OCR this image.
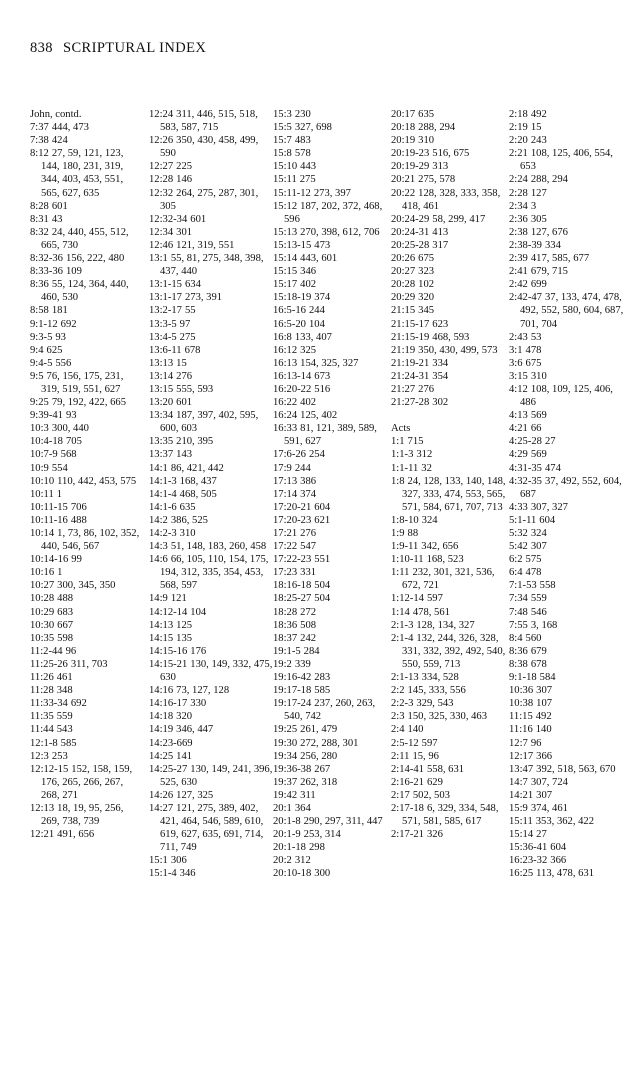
838 SCRIPTURAL INDEX
John, contd.
7:37 444, 473
7:38 424
8:12 27, 59, 121, 123, 144, 180, 231, 319, 344, 403, 453, 551, 565, 627, 635
8:28 601
8:31 43
8:32 24, 440, 455, 512, 665, 730
8:32-36 156, 222, 480
8:33-36 109
8:36 55, 124, 364, 440, 460, 530
8:58 181
9:1-12 692
9:3-5 93
9:4 625
9:4-5 556
9:5 76, 156, 175, 231, 319, 519, 551, 627
9:25 79, 192, 422, 665
9:39-41 93
10:3 300, 440
10:4-18 705
10:7-9 568
10:9 554
10:10 110, 442, 453, 575
10:11 1
10:11-15 706
10:11-16 488
10:14 1, 73, 86, 102, 352, 440, 546, 567
10:14-16 99
10:16 1
10:27 300, 345, 350
10:28 488
10:29 683
10:30 667
10:35 598
11:2-44 96
11:25-26 311, 703
11:26 461
11:28 348
11:33-34 692
11:35 559
11:44 543
12:1-8 585
12:3 253
12:12-15 152, 158, 159, 176, 265, 266, 267, 268, 271
12:13 18, 19, 95, 256, 269, 738, 739
12:21 491, 656
12:24 311, 446, 515, 518, 583, 587, 715
12:26 350, 430, 458, 499, 590
12:27 225
12:28 146
12:32 264, 275, 287, 301, 305
12:32-34 601
12:34 301
12:46 121, 319, 551
13:1 55, 81, 275, 348, 398, 437, 440
13:1-15 634
13:1-17 273, 391
13:2-17 55
13:3-5 97
13:4-5 275
13:6-11 678
13:13 15
13:14 276
13:15 555, 593
13:20 601
13:34 187, 397, 402, 595, 600, 603
13:35 210, 395
13:37 143
14:1 86, 421, 442
14:1-3 168, 437
14:1-4 468, 505
14:1-6 635
14:2 386, 525
14:2-3 310
14:3 51, 148, 183, 260, 458
14:6 66, 105, 110, 154, 175, 194, 312, 335, 354, 453, 568, 597
14:9 121
14:12-14 104
14:13 125
14:15 135
14:15-16 176
14:15-21 130, 149, 332, 475, 630
14:16 73, 127, 128
14:16-17 330
14:18 320
14:19 346, 447
14:23-669
14:25 141
14:25-27 130, 149, 241, 396, 525, 630
14:26 127, 325
14:27 121, 275, 389, 402, 421, 464, 546, 589, 610, 619, 627, 635, 691, 714, 711, 749
15:1 306
15:1-4 346
15:3 230
15:5 327, 698
15:7 483
15:8 578
15:10 443
15:11 275
15:11-12 273, 397
15:12 187, 202, 372, 468, 596
15:13 270, 398, 612, 706
15:13-15 473
15:14 443, 601
15:15 346
15:17 402
15:18-19 374
16:5-16 244
16:5-20 104
16:8 133, 407
16:12 325
16:13 154, 325, 327
16:13-14 673
16:20-22 516
16:22 402
16:24 125, 402
16:33 81, 121, 389, 589, 591, 627
17:6-26 254
17:9 244
17:13 386
17:14 374
17:20-21 604
17:20-23 621
17:21 276
17:22 547
17:22-23 551
17:23 331
18:16-18 504
18:25-27 504
18:28 272
18:36 508
18:37 242
19:1-5 284
19:2 339
19:16-42 283
19:17-18 585
19:17-24 237, 260, 263, 540, 742
19:25 261, 479
19:30 272, 288, 301
19:34 256, 280
19:36-38 267
19:37 262, 318
19:42 311
20:1 364
20:1-8 290, 297, 311, 447
20:1-9 253, 314
20:1-18 298
20:2 312
20:10-18 300
20:17 635
20:18 288, 294
20:19 310
20:19-23 516, 675
20:19-29 313
20:21 275, 578
20:22 128, 328, 333, 358, 418, 461
20:24-29 58, 299, 417
20:24-31 413
20:25-28 317
20:26 675
20:27 323
20:28 102
20:29 320
21:15 345
21:15-17 623
21:15-19 468, 593
21:19 350, 430, 499, 573
21:19-21 334
21:24-31 354
21:27 276
21:27-28 302
Acts
1:1 715
1:1-3 312
1:1-11 32
1:8 24, 128, 133, 140, 148, 327, 333, 474, 553, 565, 571, 584, 671, 707, 713
1:8-10 324
1:9 88
1:9-11 342, 656
1:10-11 168, 523
1:11 232, 301, 321, 536, 672, 721
1:12-14 597
1:14 478, 561
2:1-3 128, 134, 327
2:1-4 132, 244, 326, 328, 331, 332, 392, 492, 540, 550, 559, 713
2:1-13 334, 528
2:2 145, 333, 556
2:2-3 329, 543
2:3 150, 325, 330, 463
2:4 140
2:5-12 597
2:11 15, 96
2:14-41 558, 631
2:16-21 629
2:17 502, 503
2:17-18 6, 329, 334, 548, 571, 581, 585, 617
2:17-21 326
2:18 492
2:19 15
2:20 243
2:21 108, 125, 406, 554, 653
2:24 288, 294
2:28 127
2:34 3
2:36 305
2:38 127, 676
2:38-39 334
2:39 417, 585, 677
2:41 679, 715
2:42 699
2:42-47 37, 133, 474, 478, 492, 552, 580, 604, 687, 701, 704
2:43 53
3:1 478
3:6 675
3:15 310
4:12 108, 109, 125, 406, 486
4:13 569
4:21 66
4:25-28 27
4:29 569
4:31-35 474
4:32-35 37, 492, 552, 604, 687
4:33 307, 327
5:1-11 604
5:32 324
5:42 307
6:2 575
6:4 478
7:1-53 558
7:34 559
7:48 546
7:55 3, 168
8:4 560
8:36 679
8:38 678
9:1-18 584
10:36 307
10:38 107
11:15 492
11:16 140
12:7 96
12:17 366
13:47 392, 518, 563, 670
14:7 307, 724
14:21 307
15:9 374, 461
15:11 353, 362, 422
15:14 27
15:36-41 604
16:23-32 366
16:25 113, 478, 631
